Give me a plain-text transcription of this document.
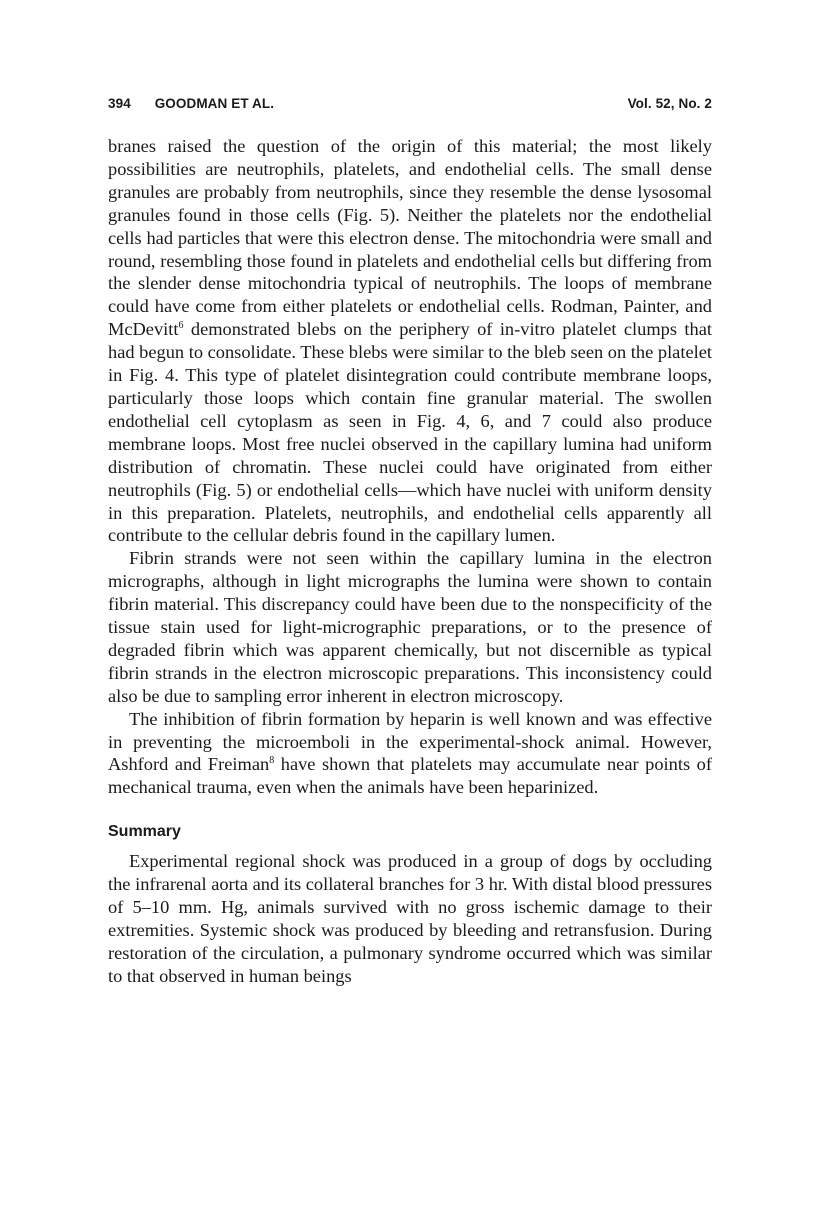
394 GOODMAN ET AL.	Vol. 52, No. 2

branes raised the question of the origin of this material; the most likely possibilities are neutrophils, platelets, and endothelial cells. The small dense granules are probably from neutrophils, since they resemble the dense lysosomal granules found in those cells (Fig. 5). Neither the platelets nor the endothelial cells had particles that were this electron dense. The mitochondria were small and round, resembling those found in platelets and endothelial cells but differing from the slender dense mitochondria typical of neutrophils. The loops of membrane could have come from either platelets or endothelial cells. Rodman, Painter, and McDevitt$^6$ demonstrated blebs on the periphery of in-vitro platelet clumps that had begun to consolidate. These blebs were similar to the bleb seen on the platelet in Fig. 4. This type of platelet disintegration could contribute membrane loops, particularly those loops which contain fine granular material. The swollen endothelial cell cytoplasm as seen in Fig. 4, 6, and 7 could also produce membrane loops. Most free nuclei observed in the capillary lumina had uniform distribution of chromatin. These nuclei could have originated from either neutrophils (Fig. 5) or endothelial cells—which have nuclei with uniform density in this preparation. Platelets, neutrophils, and endothelial cells apparently all contribute to the cellular debris found in the capillary lumen.

Fibrin strands were not seen within the capillary lumina in the electron micrographs, although in light micrographs the lumina were shown to contain fibrin material. This discrepancy could have been due to the nonspecificity of the tissue stain used for light-micrographic preparations, or to the presence of degraded fibrin which was apparent chemically, but not discernible as typical fibrin strands in the electron microscopic preparations. This inconsistency could also be due to sampling error inherent in electron microscopy.

The inhibition of fibrin formation by heparin is well known and was effective in preventing the microemboli in the experimental-shock animal. However, Ashford and Freiman$^8$ have shown that platelets may accumulate near points of mechanical trauma, even when the animals have been heparinized.

Summary

Experimental regional shock was produced in a group of dogs by occluding the infrarenal aorta and its collateral branches for 3 hr. With distal blood pressures of 5–10 mm. Hg, animals survived with no gross ischemic damage to their extremities. Systemic shock was produced by bleeding and retransfusion. During restoration of the circulation, a pulmonary syndrome occurred which was similar to that observed in human beings
